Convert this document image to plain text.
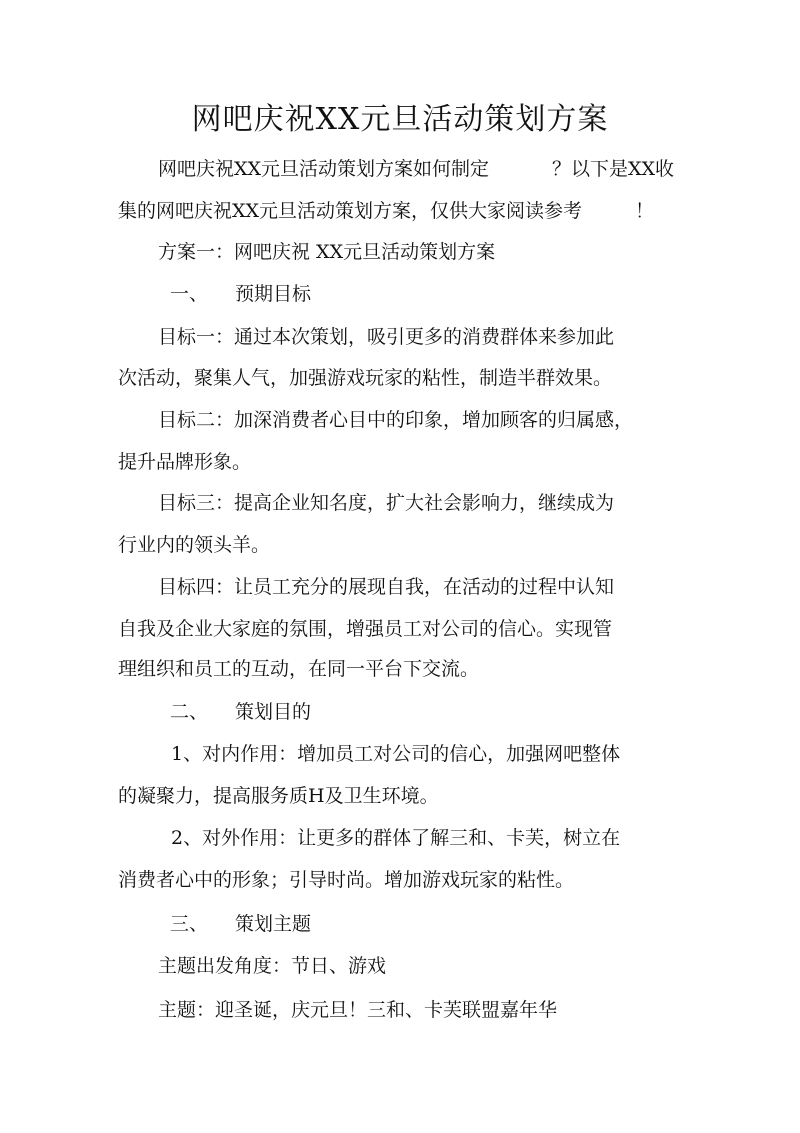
网吧庆祝XX元旦活动策划方案
网吧庆祝XX元旦活动策划方案如何制定	？以下是XX收
集的网吧庆祝XX元旦活动策划方案，仅供大家阅读参考	！
方案一：网吧庆祝 XX元旦活动策划方案
一、 预期目标
目标一：通过本次策划，吸引更多的消费群体来参加此
次活动，聚集人气，加强游戏玩家的粘性，制造半群效果。
目标二：加深消费者心目中的印象，增加顾客的归属感，
提升品牌形象。
目标三：提高企业知名度，扩大社会影响力，继续成为
行业内的领头羊。
目标四：让员工充分的展现自我，在活动的过程中认知
自我及企业大家庭的氛围，增强员工对公司的信心。实现管
理组织和员工的互动，在同一平台下交流。
二、 策划目的
1、对内作用：增加员工对公司的信心，加强网吧整体
的凝聚力，提高服务质H及卫生环境。
2、对外作用：让更多的群体了解三和、卡芙，树立在
消费者心中的形象；引导时尚。增加游戏玩家的粘性。
三、 策划主题
主题出发角度：节日、游戏
主题：迎圣诞，庆元旦！三和、卡芙联盟嘉年华
